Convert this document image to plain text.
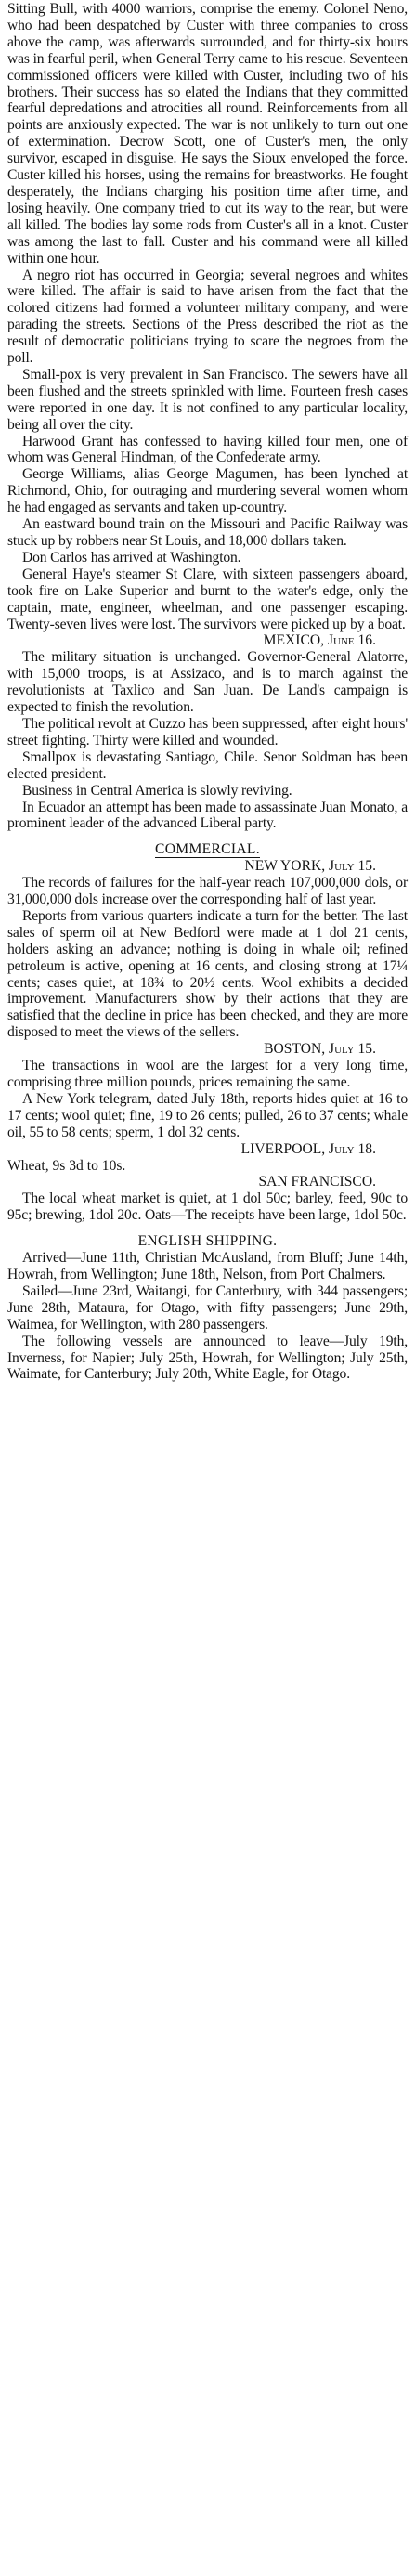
Sitting Bull, with 4000 warriors, comprise the enemy. Colonel Neno, who had been despatched by Custer with three companies to cross above the camp, was afterwards surrounded, and for thirty-six hours was in fearful peril, when General Terry came to his rescue. Seventeen commissioned officers were killed with Custer, including two of his brothers. Their success has so elated the Indians that they committed fearful depredations and atrocities all round. Reinforcements from all points are anxiously expected. The war is not unlikely to turn out one of extermination. Decrow Scott, one of Custer's men, the only survivor, escaped in disguise. He says the Sioux enveloped the force. Custer killed his horses, using the remains for breastworks. He fought desperately, the Indians charging his position time after time, and losing heavily. One company tried to cut its way to the rear, but were all killed. The bodies lay some rods from Custer's all in a knot. Custer was among the last to fall. Custer and his command were all killed within one hour.

A negro riot has occurred in Georgia; several negroes and whites were killed. The affair is said to have arisen from the fact that the colored citizens had formed a volunteer military company, and were parading the streets. Sections of the Press described the riot as the result of democratic politicians trying to scare the negroes from the poll.

Small-pox is very prevalent in San Francisco. The sewers have all been flushed and the streets sprinkled with lime. Fourteen fresh cases were reported in one day. It is not confined to any particular locality, being all over the city.

Harwood Grant has confessed to having killed four men, one of whom was General Hindman, of the Confederate army.

George Williams, alias George Magumen, has been lynched at Richmond, Ohio, for outraging and murdering several women whom he had engaged as servants and taken up-country.

An eastward bound train on the Missouri and Pacific Railway was stuck up by robbers near St Louis, and 18,000 dollars taken.

Don Carlos has arrived at Washington.

General Haye's steamer St Clare, with sixteen passengers aboard, took fire on Lake Superior and burnt to the water's edge, only the captain, mate, engineer, wheelman, and one passenger escaping. Twenty-seven lives were lost. The survivors were picked up by a boat.

MEXICO, June 16.

The military situation is unchanged. Governor-General Alatorre, with 15,000 troops, is at Assizaco, and is to march against the revolutionists at Taxlico and San Juan. De Land's campaign is expected to finish the revolution.

The political revolt at Cuzzo has been suppressed, after eight hours' street fighting. Thirty were killed and wounded.

Smallpox is devastating Santiago, Chile. Senor Soldman has been elected president.

Business in Central America is slowly reviving.

In Ecuador an attempt has been made to assassinate Juan Monato, a prominent leader of the advanced Liberal party.

COMMERCIAL.

NEW YORK, July 15.

The records of failures for the half-year reach 107,000,000 dols, or 31,000,000 dols increase over the corresponding half of last year.

Reports from various quarters indicate a turn for the better. The last sales of sperm oil at New Bedford were made at 1 dol 21 cents, holders asking an advance; nothing is doing in whale oil; refined petroleum is active, opening at 16 cents, and closing strong at 17¼ cents; cases quiet, at 18¾ to 20½ cents. Wool exhibits a decided improvement. Manufacturers show by their actions that they are satisfied that the decline in price has been checked, and they are more disposed to meet the views of the sellers.

BOSTON, July 15.

The transactions in wool are the largest for a very long time, comprising three million pounds, prices remaining the same.

A New York telegram, dated July 18th, reports hides quiet at 16 to 17 cents; wool quiet; fine, 19 to 26 cents; pulled, 26 to 37 cents; whale oil, 55 to 58 cents; sperm, 1 dol 32 cents.

LIVERPOOL, July 18.

Wheat, 9s 3d to 10s.

SAN FRANCISCO.

The local wheat market is quiet, at 1 dol 50c; barley, feed, 90c to 95c; brewing, 1dol 20c. Oats—The receipts have been large, 1dol 50c.

ENGLISH SHIPPING.

Arrived—June 11th, Christian McAusland, from Bluff; June 14th, Howrah, from Wellington; June 18th, Nelson, from Port Chalmers.

Sailed—June 23rd, Waitangi, for Canterbury, with 344 passengers; June 28th, Mataura, for Otago, with fifty passengers; June 29th, Waimea, for Wellington, with 280 passengers.

The following vessels are announced to leave—July 19th, Inverness, for Napier; July 25th, Howrah, for Wellington; July 25th, Waimate, for Canterbury; July 20th, White Eagle, for Otago.
